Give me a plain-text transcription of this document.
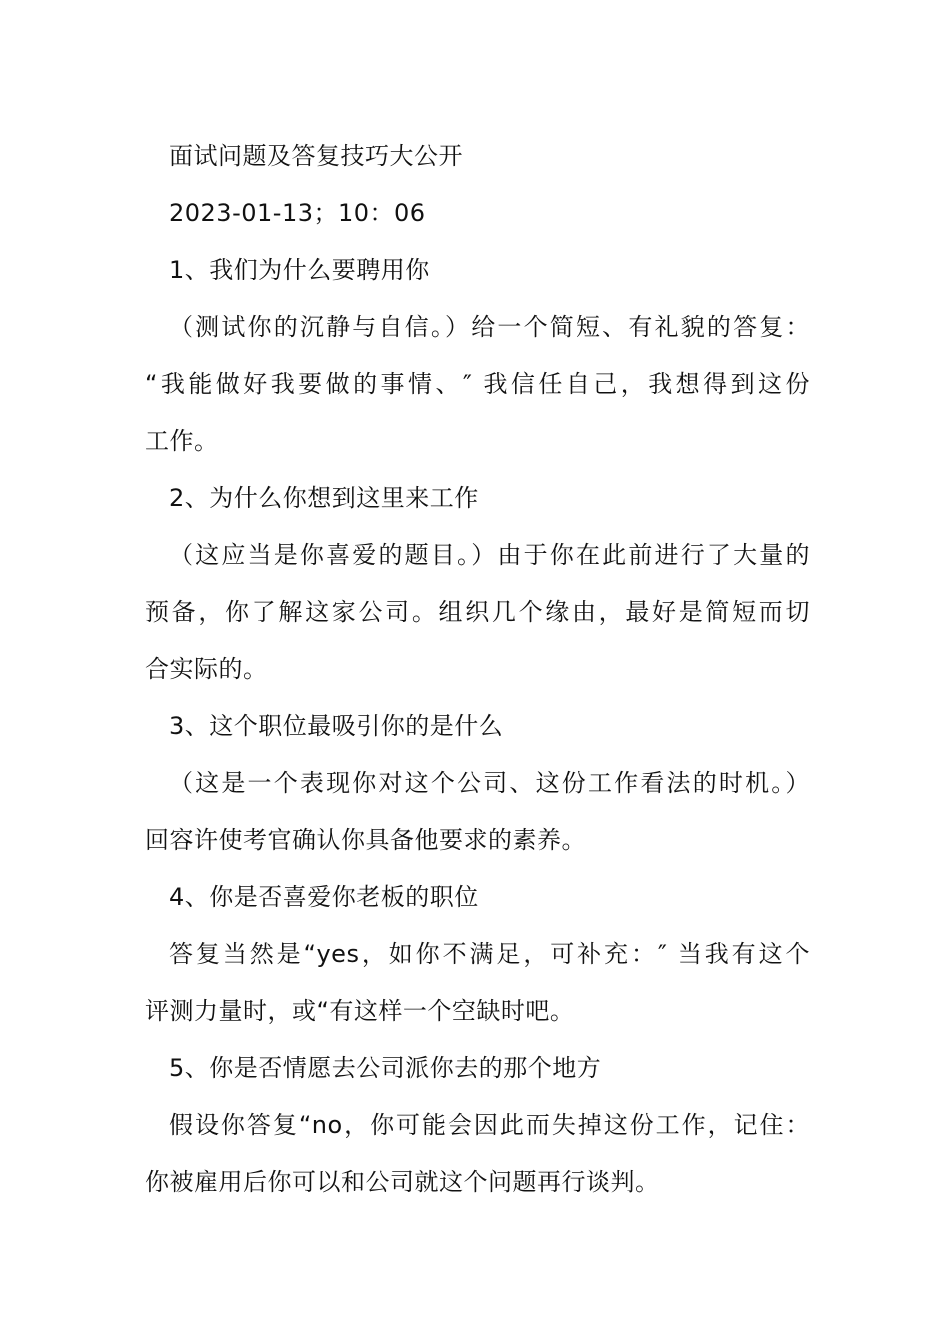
面试问题及答复技巧大公开
2023-01-13；10：06
1、我们为什么要聘用你
（测试你的沉静与自信。）给一个简短、有礼貌的答复：
“我能做好我要做的事情、″ 我信任自己，我想得到这份
工作。
2、为什么你想到这里来工作
（这应当是你喜爱的题目。）由于你在此前进行了大量的
预备，你了解这家公司。组织几个缘由，最好是简短而切
合实际的。
3、这个职位最吸引你的是什么
（这是一个表现你对这个公司、这份工作看法的时机。）
回容许使考官确认你具备他要求的素养。
4、你是否喜爱你老板的职位
答复当然是“yes，如你不满足，可补充：″ 当我有这个
评测力量时，或“有这样一个空缺时吧。
5、你是否情愿去公司派你去的那个地方
假设你答复“no，你可能会因此而失掉这份工作，记住：
你被雇用后你可以和公司就这个问题再行谈判。
